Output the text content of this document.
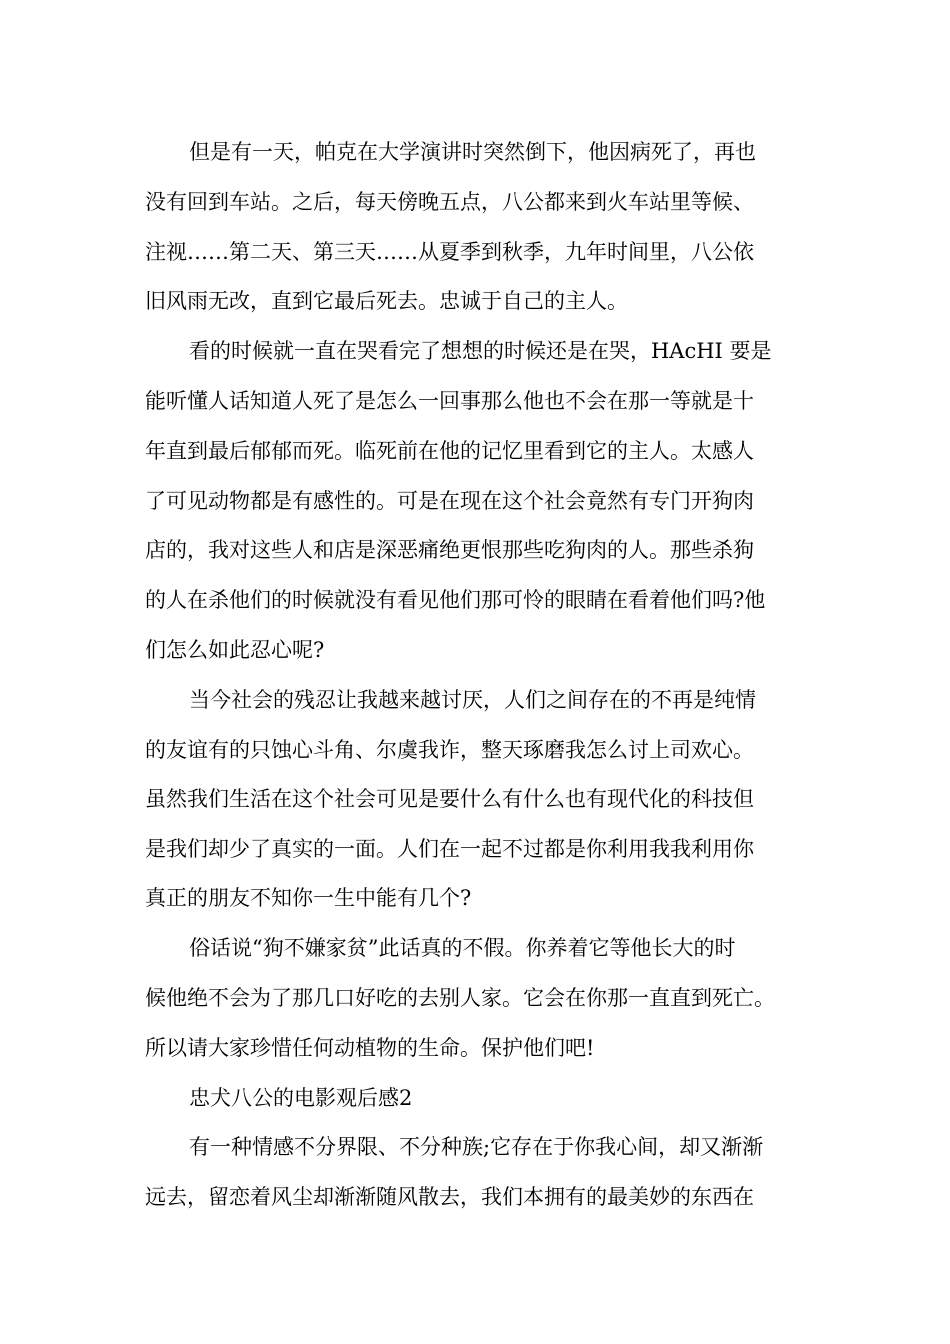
但是有一天，帕克在大学演讲时突然倒下，他因病死了，再也
没有回到车站。之后，每天傍晚五点，八公都来到火车站里等候、
注视……第二天、第三天……从夏季到秋季，九年时间里，八公依
旧风雨无改，直到它最后死去。忠诚于自己的主人。
看的时候就一直在哭看完了想想的时候还是在哭，HAcHI 要是
能听懂人话知道人死了是怎么一回事那么他也不会在那一等就是十
年直到最后郁郁而死。临死前在他的记忆里看到它的主人。太感人
了可见动物都是有感性的。可是在现在这个社会竟然有专门开狗肉
店的，我对这些人和店是深恶痛绝更恨那些吃狗肉的人。那些杀狗
的人在杀他们的时候就没有看见他们那可怜的眼睛在看着他们吗?他
们怎么如此忍心呢?
当今社会的残忍让我越来越讨厌，人们之间存在的不再是纯情
的友谊有的只蚀心斗角、尔虞我诈，整天琢磨我怎么讨上司欢心。
虽然我们生活在这个社会可见是要什么有什么也有现代化的科技但
是我们却少了真实的一面。人们在一起不过都是你利用我我利用你
真正的朋友不知你一生中能有几个?
俗话说“狗不嫌家贫”此话真的不假。你养着它等他长大的时
候他绝不会为了那几口好吃的去别人家。它会在你那一直直到死亡。
所以请大家珍惜任何动植物的生命。保护他们吧!
忠犬八公的电影观后感2
有一种情感不分界限、不分种族;它存在于你我心间，却又渐渐
远去，留恋着风尘却渐渐随风散去，我们本拥有的最美妙的东西在
